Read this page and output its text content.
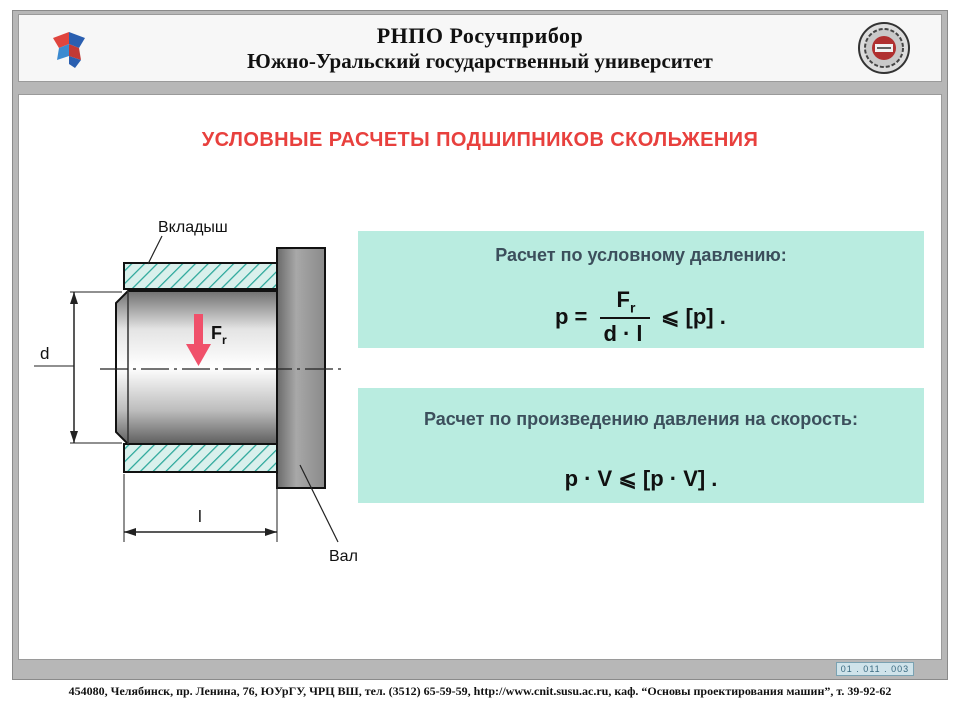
РНПО Росучприбор
Южно-Уральский государственный университет
УСЛОВНЫЕ РАСЧЕТЫ ПОДШИПНИКОВ СКОЛЬЖЕНИЯ
d
l
Вкладыш
Вал
$F_r$
Расчет по условному давлению:
p =
$F_r$
d · l
⩽ [p] .
Расчет по произведению давления на скорость:
p · V ⩽ [p · V] .
01 . 011 . 003
454080, Челябинск, пр. Ленина, 76, ЮУрГУ, ЧРЦ ВШ, тел. (3512) 65-59-59, http://www.cnit.susu.ac.ru, каф. “Основы проектирования машин”, т. 39-92-62
